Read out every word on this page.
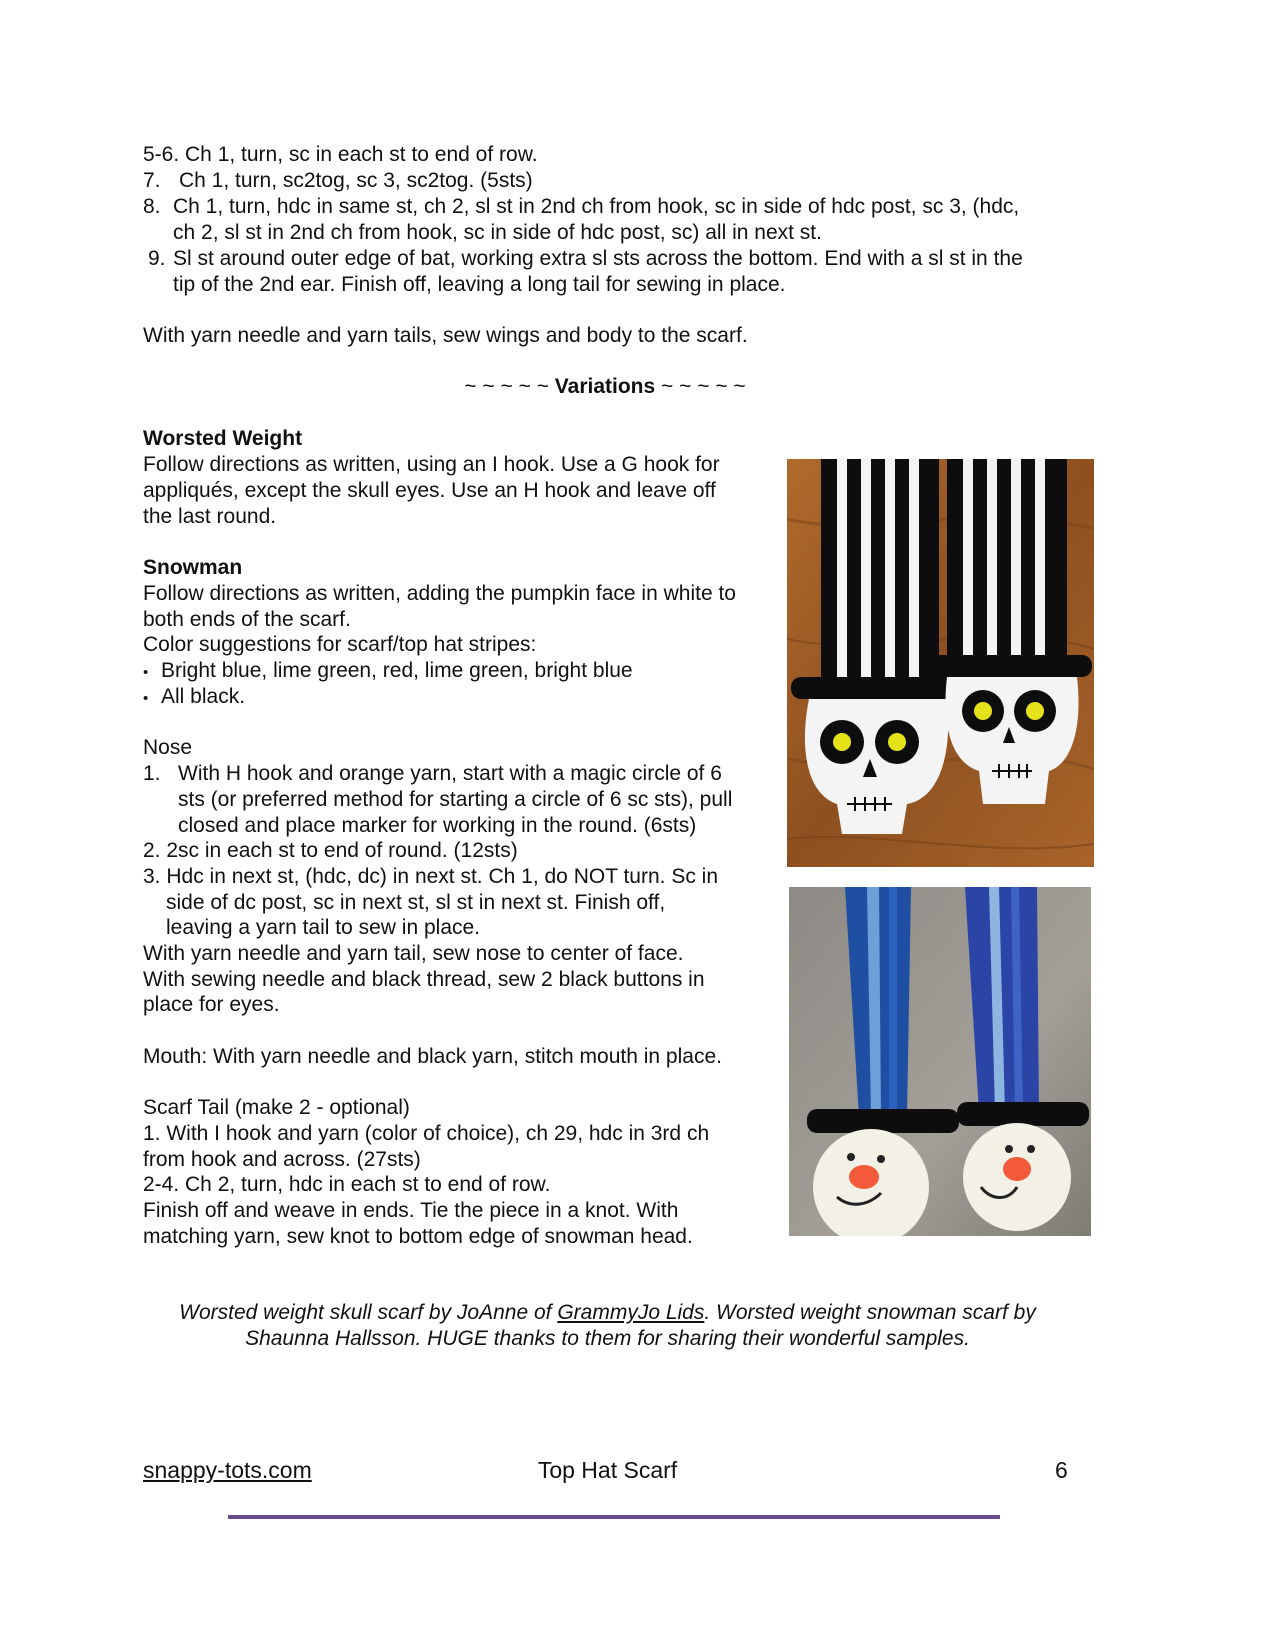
5-6. Ch 1, turn, sc in each st to end of row.
7. Ch 1, turn, sc2tog, sc 3, sc2tog. (5sts)
8. Ch 1, turn, hdc in same st, ch 2, sl st in 2nd ch from hook, sc in side of hdc post, sc 3, (hdc,
ch 2, sl st in 2nd ch from hook, sc in side of hdc post, sc) all in next st.
9. Sl st around outer edge of bat, working extra sl sts across the bottom. End with a sl st in the
tip of the 2nd ear. Finish off, leaving a long tail for sewing in place.
With yarn needle and yarn tails, sew wings and body to the scarf.
~ ~ ~ ~ ~ Variations ~ ~ ~ ~ ~
Worsted Weight
Follow directions as written, using an I hook. Use a G hook for
appliqués, except the skull eyes. Use an H hook and leave off
the last round.
Snowman
Follow directions as written, adding the pumpkin face in white to
both ends of the scarf.
Color suggestions for scarf/top hat stripes:
• Bright blue, lime green, red, lime green, bright blue
• All black.
Nose
1. With H hook and orange yarn, start with a magic circle of 6
sts (or preferred method for starting a circle of 6 sc sts), pull
closed and place marker for working in the round. (6sts)
2. 2sc in each st to end of round. (12sts)
3. Hdc in next st, (hdc, dc) in next st. Ch 1, do NOT turn. Sc in
side of dc post, sc in next st, sl st in next st. Finish off,
leaving a yarn tail to sew in place.
With yarn needle and yarn tail, sew nose to center of face.
With sewing needle and black thread, sew 2 black buttons in
place for eyes.
Mouth: With yarn needle and black yarn, stitch mouth in place.
Scarf Tail (make 2 - optional)
1. With I hook and yarn (color of choice), ch 29, hdc in 3rd ch
from hook and across. (27sts)
2-4. Ch 2, turn, hdc in each st to end of row.
Finish off and weave in ends. Tie the piece in a knot. With
matching yarn, sew knot to bottom edge of snowman head.
Worsted weight skull scarf by JoAnne of GrammyJo Lids. Worsted weight snowman scarf by
Shaunna Hallsson. HUGE thanks to them for sharing their wonderful samples.
snappy-tots.com	Top Hat Scarf	6
